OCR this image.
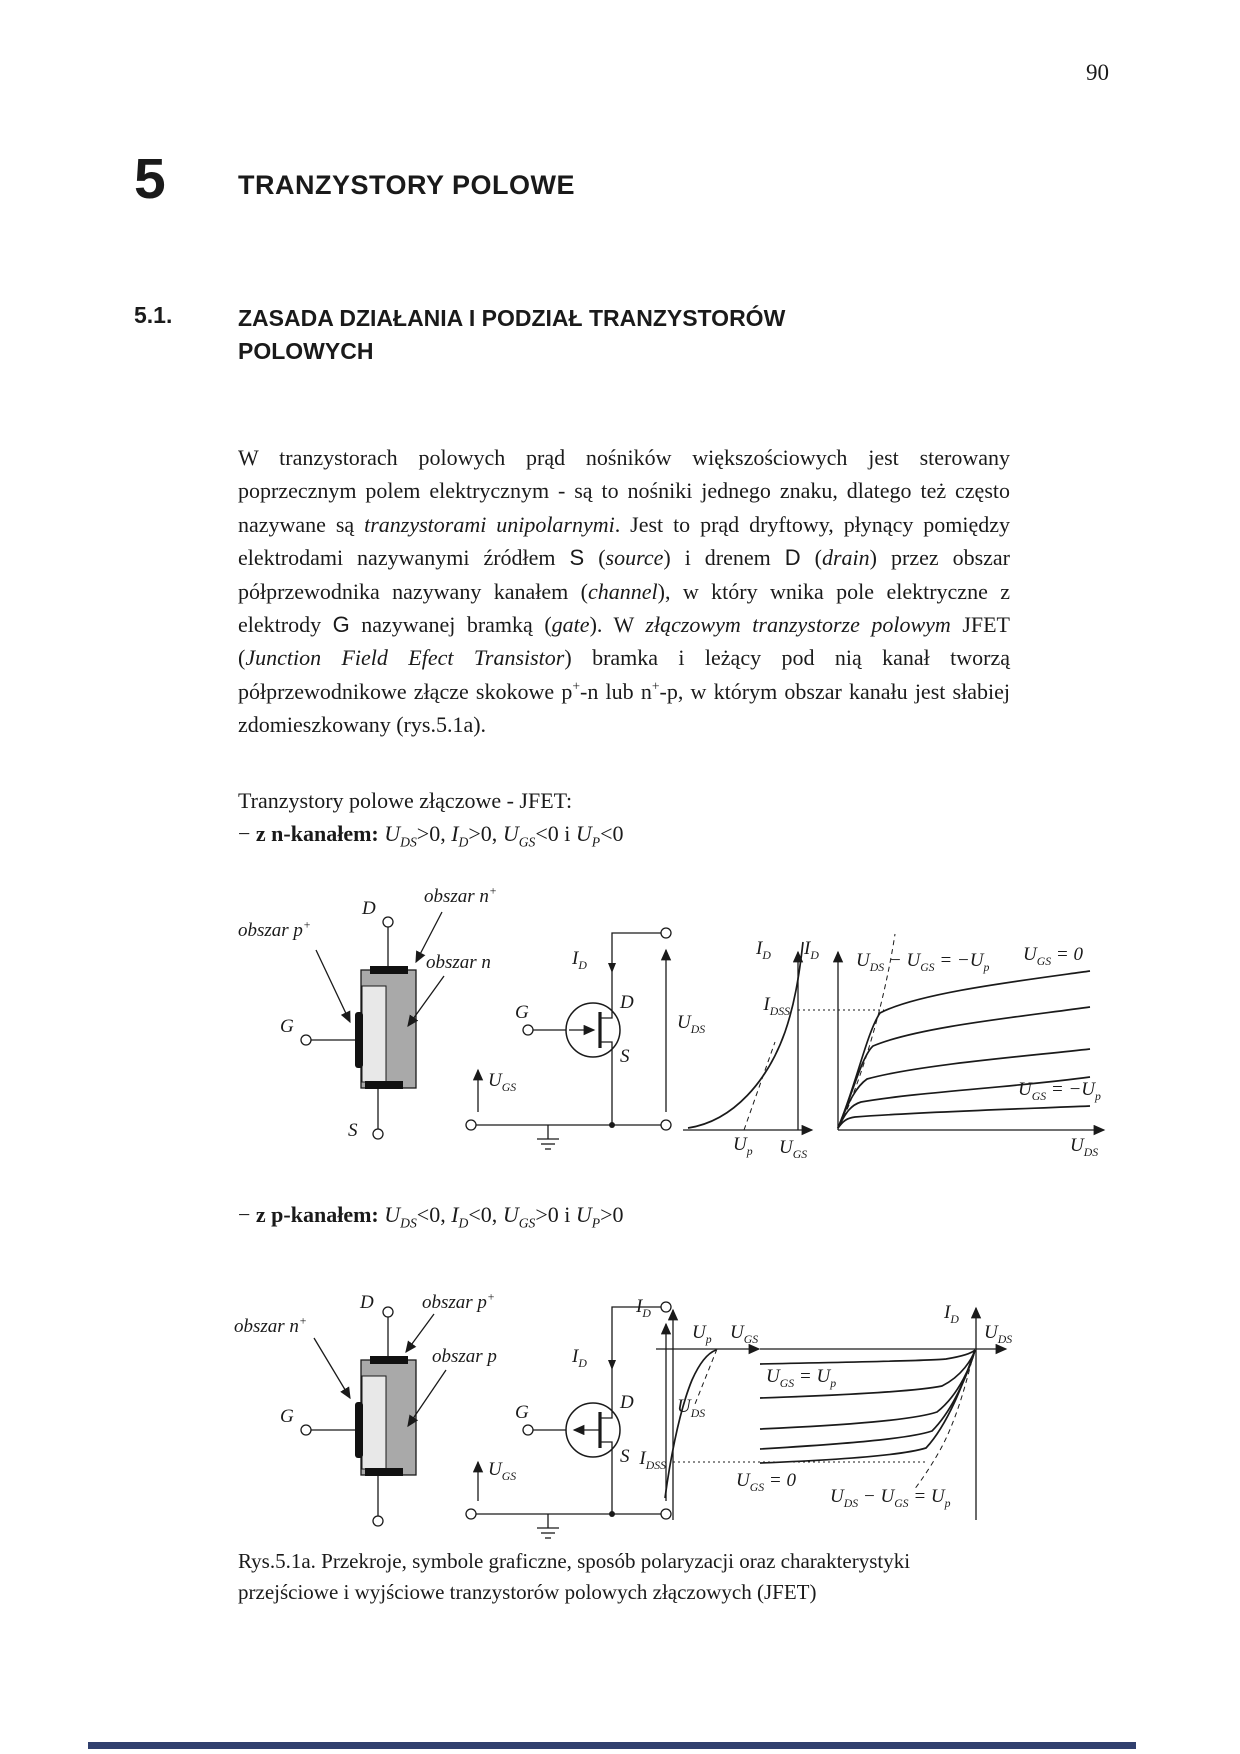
90
5	TRANZYSTORY POLOWE
5.1.	ZASADA DZIAŁANIA I PODZIAŁ TRANZYSTORÓW POLOWYCH
W tranzystorach polowych prąd nośników większościowych jest sterowany poprzecznym polem elektrycznym - są to nośniki jednego znaku, dlatego też często nazywane są tranzystorami unipolarnymi. Jest to prąd dryftowy, płynący pomiędzy elektrodami nazywanymi źródłem S (source) i drenem D (drain) przez obszar półprzewodnika nazywany kanałem (channel), w który wnika pole elektryczne z elektrody G nazywanej bramką (gate). W złączowym tranzystorze polowym JFET (Junction Field Efect Transistor) bramka i leżący pod nią kanał tworzą półprzewodnikowe złącze skokowe p+-n lub n+-p, w którym obszar kanału jest słabiej zdomieszkowany (rys.5.1a).
Tranzystory polowe złączowe - JFET:
− z n-kanałem: $U_{DS}>0$, $I_D>0$, $U_{GS}<0$ i $U_P<0$
D
obszar p+
obszar n+
obszar n
G
S
G	D
S
$I_D$
$U_{GS}$
$U_{DS}$
$I_D$ $I_D$
$I_{DSS}$
$U_p$ $U_{GS}$
$U_{DS} - U_{GS} = -U_p$
$U_{GS} = 0$
$U_{GS} = -U_p$
$U_{DS}$
− z p-kanałem: $U_{DS}<0$, $I_D<0$, $U_{GS}>0$ i $U_P>0$
D	obszar p+
obszar n+
obszar p
G	G	D
S
$I_D$
$U_{GS}$
$U_{DS}$
$I_D$
$U_p$ $U_{GS}$
$I_{DSS}$
$I_D$
$U_{DS}$
$U_{GS} = U_p$
$U_{GS} = 0$
$U_{DS} - U_{GS} = U_p$
Rys.5.1a. Przekroje, symbole graficzne, sposób polaryzacji oraz charakterystyki
przejściowe i wyjściowe tranzystorów polowych złączowych (JFET)
